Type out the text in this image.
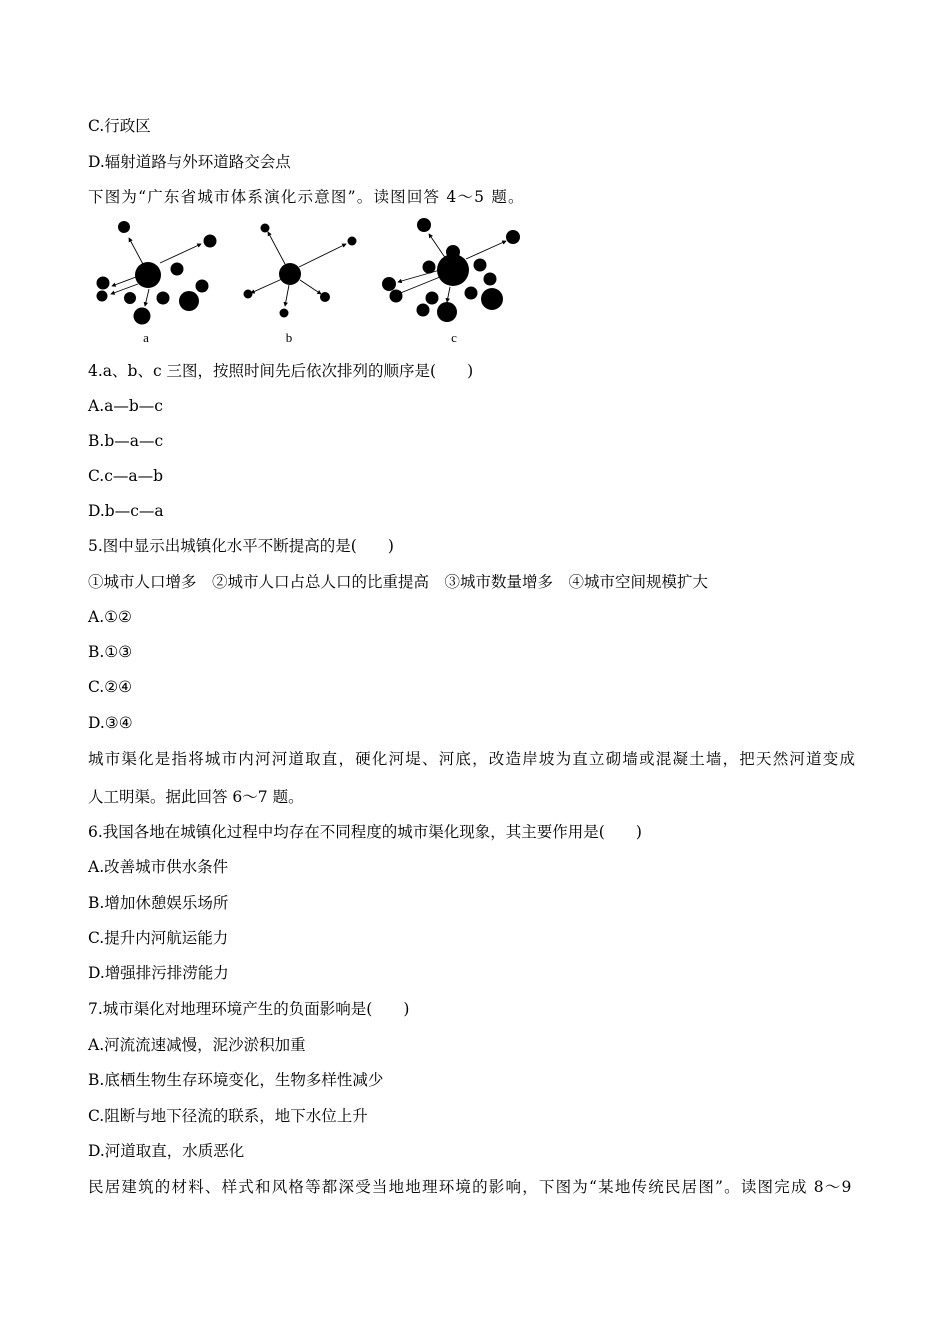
C.行政区
D.辐射道路与外环道路交会点
下图为“广东省城市体系演化示意图”。读图回答 4～5 题。
a	b	c
4.a、b、c 三图，按照时间先后依次排列的顺序是(　　)
A.a—b—c
B.b—a—c
C.c—a—b
D.b—c—a
5.图中显示出城镇化水平不断提高的是(　　)
①城市人口增多　②城市人口占总人口的比重提高　③城市数量增多　④城市空间规模扩大
A.①②
B.①③
C.②④
D.③④
城市渠化是指将城市内河河道取直，硬化河堤、河底，改造岸坡为直立砌墙或混凝土墙，把天然河道变成
人工明渠。据此回答 6～7 题。
6.我国各地在城镇化过程中均存在不同程度的城市渠化现象，其主要作用是(　　)
A.改善城市供水条件
B.增加休憩娱乐场所
C.提升内河航运能力
D.增强排污排涝能力
7.城市渠化对地理环境产生的负面影响是(　　)
A.河流流速减慢，泥沙淤积加重
B.底栖生物生存环境变化，生物多样性减少
C.阻断与地下径流的联系，地下水位上升
D.河道取直，水质恶化
民居建筑的材料、样式和风格等都深受当地地理环境的影响，下图为“某地传统民居图”。读图完成 8～9
